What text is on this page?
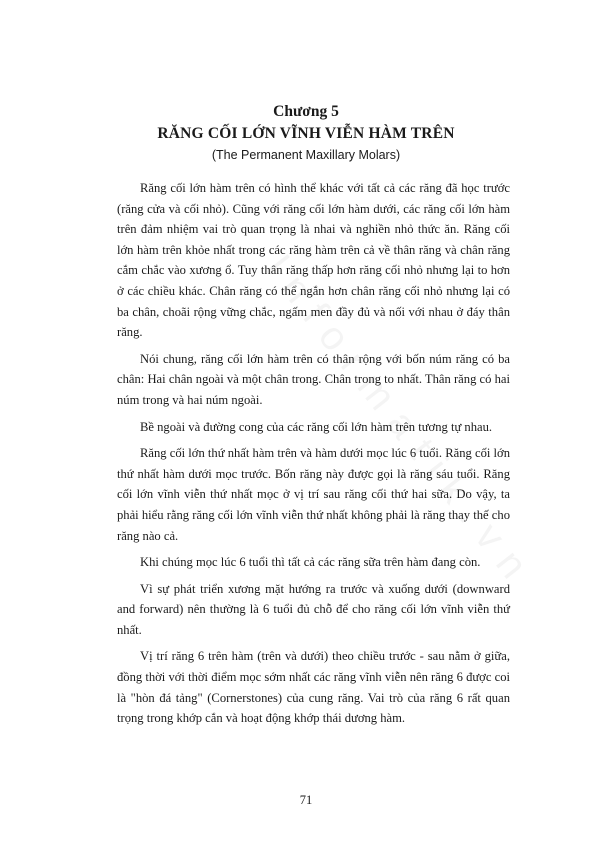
Chương 5
RĂNG CỐI LỚN VĨNH VIỄN HÀM TRÊN
(The Permanent Maxillary Molars)

Răng cối lớn hàm trên có hình thể khác với tất cả các răng đã học trước (răng cửa và cối nhỏ). Cũng với răng cối lớn hàm dưới, các răng cối lớn hàm trên đảm nhiệm vai trò quan trọng là nhai và nghiền nhỏ thức ăn. Răng cối lớn hàm trên khỏe nhất trong các răng hàm trên cả về thân răng và chân răng cắm chắc vào xương ổ. Tuy thân răng thấp hơn răng cối nhỏ nhưng lại to hơn ở các chiều khác. Chân răng có thể ngắn hơn chân răng cối nhỏ nhưng lại có ba chân, choãi rộng vững chắc, ngấm men đầy đủ và nối với nhau ở đáy thân răng.

Nói chung, răng cối lớn hàm trên có thân rộng với bốn núm răng có ba chân: Hai chân ngoài và một chân trong. Chân trong to nhất. Thân răng có hai núm trong và hai núm ngoài.

Bề ngoài và đường cong của các răng cối lớn hàm trên tương tự nhau.

Răng cối lớn thứ nhất hàm trên và hàm dưới mọc lúc 6 tuổi. Răng cối lớn thứ nhất hàm dưới mọc trước. Bốn răng này được gọi là răng sáu tuổi. Răng cối lớn vĩnh viễn thứ nhất mọc ở vị trí sau răng cối thứ hai sữa. Do vậy, ta phải hiểu rằng răng cối lớn vĩnh viễn thứ nhất không phải là răng thay thế cho răng nào cả.

Khi chúng mọc lúc 6 tuổi thì tất cả các răng sữa trên hàm đang còn.

Vì sự phát triển xương mặt hướng ra trước và xuống dưới (downward and forward) nên thường là 6 tuổi đủ chỗ để cho răng cối lớn vĩnh viễn thứ nhất.

Vị trí răng 6 trên hàm (trên và dưới) theo chiều trước - sau nằm ở giữa, đồng thời với thời điểm mọc sớm nhất các răng vĩnh viễn nên răng 6 được coi là "hòn đá tảng" (Cornerstones) của cung răng. Vai trò của răng 6 rất quan trọng trong khớp cắn và hoạt động khớp thái dương hàm.

71
